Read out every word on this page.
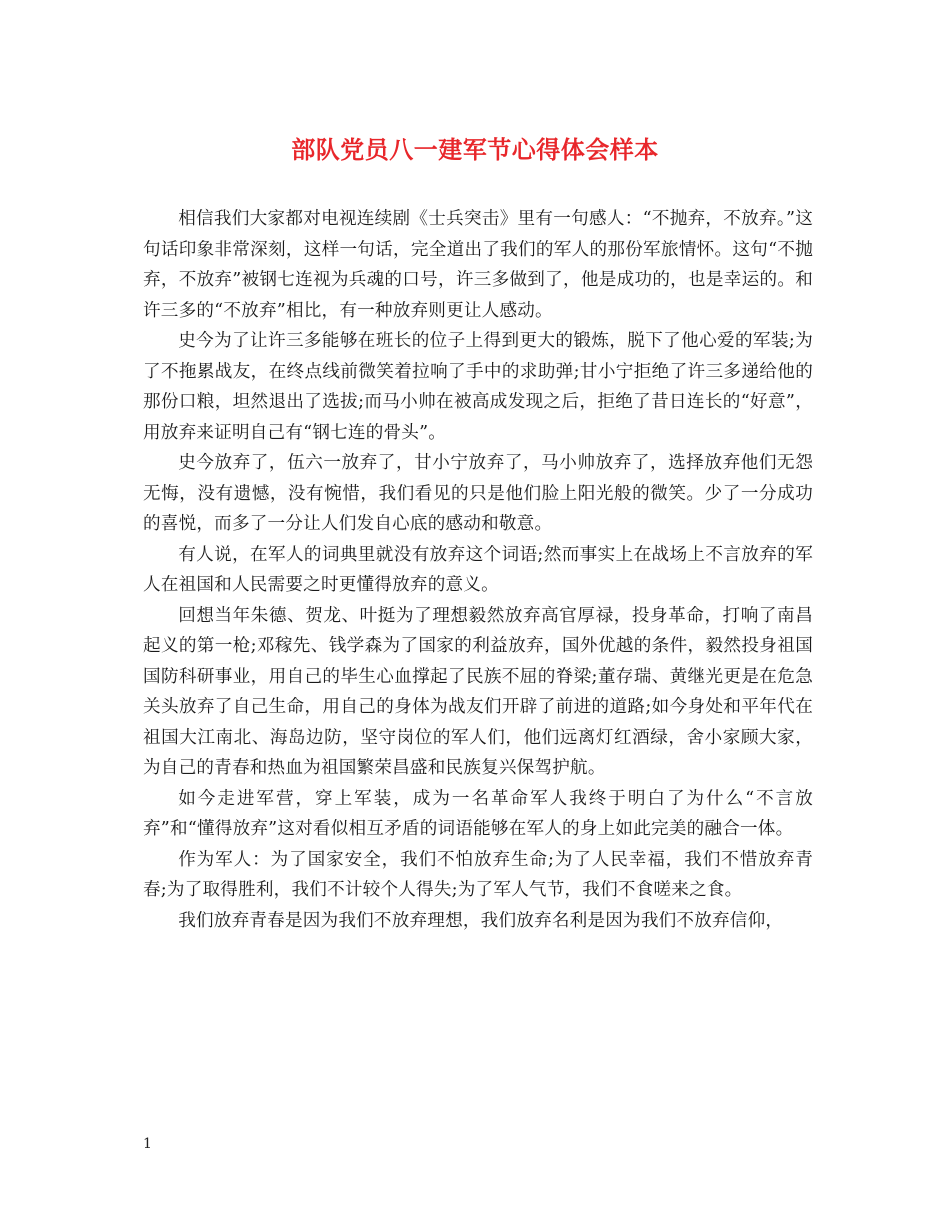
部队党员八一建军节心得体会样本

相信我们大家都对电视连续剧《士兵突击》里有一句感人：“不抛弃，不放弃。”这句话印象非常深刻，这样一句话，完全道出了我们的军人的那份军旅情怀。这句“不抛弃，不放弃”被钢七连视为兵魂的口号，许三多做到了，他是成功的，也是幸运的。和许三多的“不放弃”相比，有一种放弃则更让人感动。

史今为了让许三多能够在班长的位子上得到更大的锻炼，脱下了他心爱的军装;为了不拖累战友，在终点线前微笑着拉响了手中的求助弹;甘小宁拒绝了许三多递给他的那份口粮，坦然退出了选拔;而马小帅在被高成发现之后，拒绝了昔日连长的“好意”，用放弃来证明自己有“钢七连的骨头”。

史今放弃了，伍六一放弃了，甘小宁放弃了，马小帅放弃了，选择放弃他们无怨无悔，没有遗憾，没有惋惜，我们看见的只是他们脸上阳光般的微笑。少了一分成功的喜悦，而多了一分让人们发自心底的感动和敬意。

有人说，在军人的词典里就没有放弃这个词语;然而事实上在战场上不言放弃的军人在祖国和人民需要之时更懂得放弃的意义。

回想当年朱德、贺龙、叶挺为了理想毅然放弃高官厚禄，投身革命，打响了南昌起义的第一枪;邓稼先、钱学森为了国家的利益放弃，国外优越的条件，毅然投身祖国国防科研事业，用自己的毕生心血撑起了民族不屈的脊梁;董存瑞、黄继光更是在危急关头放弃了自己生命，用自己的身体为战友们开辟了前进的道路;如今身处和平年代在祖国大江南北、海岛边防，坚守岗位的军人们，他们远离灯红酒绿，舍小家顾大家，为自己的青春和热血为祖国繁荣昌盛和民族复兴保驾护航。

如今走进军营，穿上军装，成为一名革命军人我终于明白了为什么“不言放弃”和“懂得放弃”这对看似相互矛盾的词语能够在军人的身上如此完美的融合一体。

作为军人：为了国家安全，我们不怕放弃生命;为了人民幸福，我们不惜放弃青春;为了取得胜利，我们不计较个人得失;为了军人气节，我们不食嗟来之食。

我们放弃青春是因为我们不放弃理想，我们放弃名利是因为我们不放弃信仰，

1
